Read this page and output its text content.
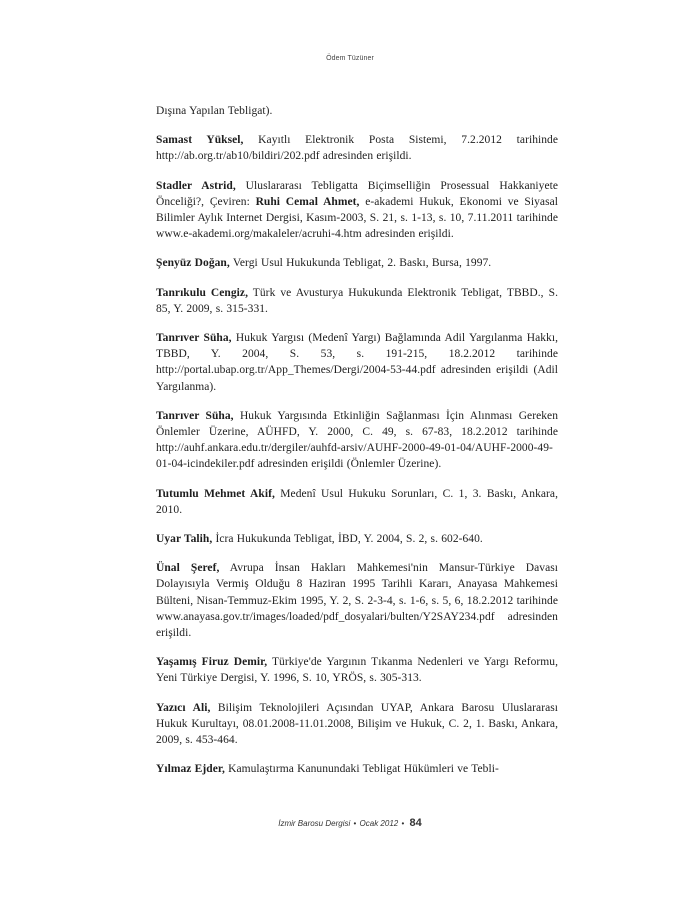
Ödem Tüzüner

Dışına Yapılan Tebligat).

Samast Yüksel, Kayıtlı Elektronik Posta Sistemi, 7.2.2012 tarihinde http://ab.org.tr/ab10/bildiri/202.pdf adresinden erişildi.

Stadler Astrid, Uluslararası Tebligatta Biçimselliğin Prosessual Hakkaniyete Önceliği?, Çeviren: Ruhi Cemal Ahmet, e-akademi Hukuk, Ekonomi ve Siyasal Bilimler Aylık Internet Dergisi, Kasım-2003, S. 21, s. 1-13, s. 10, 7.11.2011 tarihinde www.e-akademi.org/makaleler/acruhi-4.htm adresinden erişildi.

Şenyüz Doğan, Vergi Usul Hukukunda Tebligat, 2. Baskı, Bursa, 1997.

Tanrıkulu Cengiz, Türk ve Avusturya Hukukunda Elektronik Tebligat, TBBD., S. 85, Y. 2009, s. 315-331.

Tanrıver Süha, Hukuk Yargısı (Medenî Yargı) Bağlamında Adil Yargılanma Hakkı, TBBD, Y. 2004, S. 53, s. 191-215, 18.2.2012 tarihinde http://portal.ubap.org.tr/App_Themes/Dergi/2004-53-44.pdf adresinden erişildi (Adil Yargılanma).

Tanrıver Süha, Hukuk Yargısında Etkinliğin Sağlanması İçin Alınması Gereken Önlemler Üzerine, AÜHFD, Y. 2000, C. 49, s. 67-83, 18.2.2012 tarihinde http://auhf.ankara.edu.tr/dergiler/auhfd-arsiv/AUHF-2000-49-01-04/AUHF-2000-49-01-04-icindekiler.pdf adresinden erişildi (Önlemler Üzerine).

Tutumlu Mehmet Akif, Medenî Usul Hukuku Sorunları, C. 1, 3. Baskı, Ankara, 2010.

Uyar Talih, İcra Hukukunda Tebligat, İBD, Y. 2004, S. 2, s. 602-640.

Ünal Şeref, Avrupa İnsan Hakları Mahkemesi'nin Mansur-Türkiye Davası Dolayısıyla Vermiş Olduğu 8 Haziran 1995 Tarihli Kararı, Anayasa Mahkemesi Bülteni, Nisan-Temmuz-Ekim 1995, Y. 2, S. 2-3-4, s. 1-6, s. 5, 6, 18.2.2012 tarihinde www.anayasa.gov.tr/images/loaded/pdf_dosyalari/bulten/Y2SAY234.pdf adresinden erişildi.

Yaşamış Firuz Demir, Türkiye'de Yargının Tıkanma Nedenleri ve Yargı Reformu, Yeni Türkiye Dergisi, Y. 1996, S. 10, YRÖS, s. 305-313.

Yazıcı Ali, Bilişim Teknolojileri Açısından UYAP, Ankara Barosu Uluslararası Hukuk Kurultayı, 08.01.2008-11.01.2008, Bilişim ve Hukuk, C. 2, 1. Baskı, Ankara, 2009, s. 453-464.

Yılmaz Ejder, Kamulaştırma Kanunundaki Tebligat Hükümleri ve Tebli-

İzmir Barosu Dergisi • Ocak 2012 • 84
